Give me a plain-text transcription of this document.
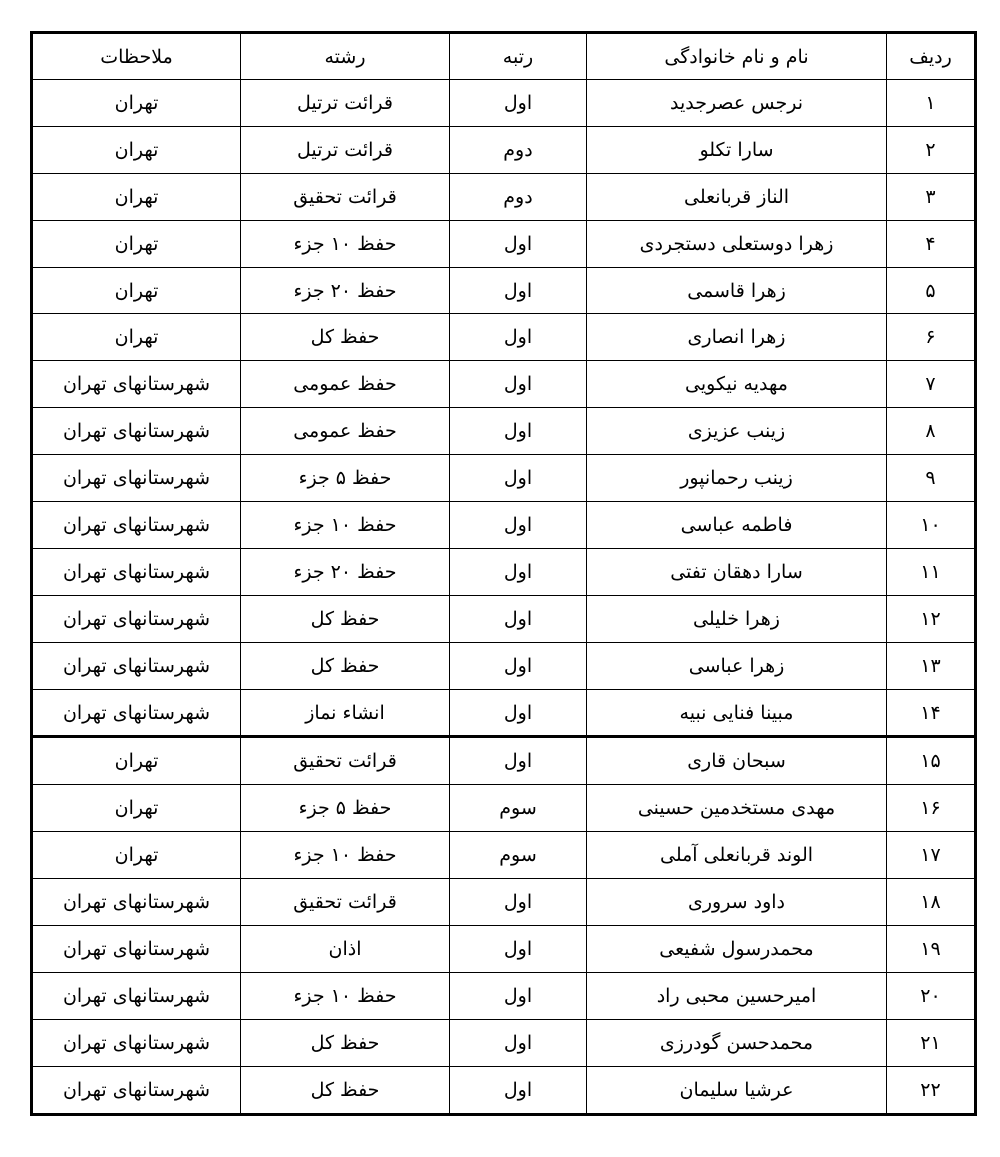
ردیف	نام و نام خانوادگی	رتبه	رشته	ملاحظات
۱	نرجس عصرجدید	اول	قرائت ترتیل	تهران
۲	سارا تکلو	دوم	قرائت ترتیل	تهران
۳	الناز قربانعلی	دوم	قرائت تحقیق	تهران
۴	زهرا دوستعلی دستجردی	اول	حفظ ۱۰ جزء	تهران
۵	زهرا قاسمی	اول	حفظ ۲۰ جزء	تهران
۶	زهرا انصاری	اول	حفظ کل	تهران
۷	مهدیه نیکویی	اول	حفظ عمومی	شهرستانهای تهران
۸	زینب عزیزی	اول	حفظ عمومی	شهرستانهای تهران
۹	زینب رحمانپور	اول	حفظ ۵ جزء	شهرستانهای تهران
۱۰	فاطمه عباسی	اول	حفظ ۱۰ جزء	شهرستانهای تهران
۱۱	سارا دهقان تفتی	اول	حفظ ۲۰ جزء	شهرستانهای تهران
۱۲	زهرا خلیلی	اول	حفظ کل	شهرستانهای تهران
۱۳	زهرا عباسی	اول	حفظ کل	شهرستانهای تهران
۱۴	مبینا فنایی نبیه	اول	انشاء نماز	شهرستانهای تهران
۱۵	سبحان قاری	اول	قرائت تحقیق	تهران
۱۶	مهدی مستخدمین حسینی	سوم	حفظ ۵ جزء	تهران
۱۷	الوند قربانعلی آملی	سوم	حفظ ۱۰ جزء	تهران
۱۸	داود سروری	اول	قرائت تحقیق	شهرستانهای تهران
۱۹	محمدرسول شفیعی	اول	اذان	شهرستانهای تهران
۲۰	امیرحسین محبی راد	اول	حفظ ۱۰ جزء	شهرستانهای تهران
۲۱	محمدحسن گودرزی	اول	حفظ کل	شهرستانهای تهران
۲۲	عرشیا سلیمان	اول	حفظ کل	شهرستانهای تهران
